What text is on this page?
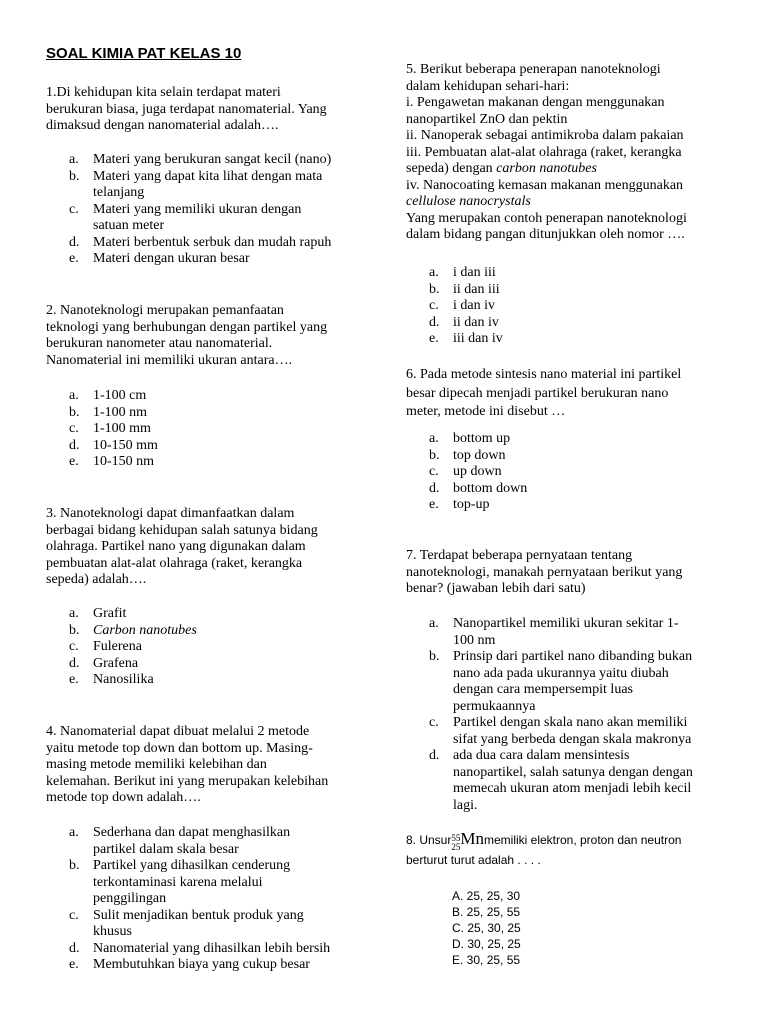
SOAL KIMIA PAT KELAS 10
1.Di kehidupan kita selain terdapat materi
berukuran biasa, juga terdapat nanomaterial. Yang
dimaksud dengan nanomaterial adalah….
a. Materi yang berukuran sangat kecil (nano)
b. Materi yang dapat kita lihat dengan mata
telanjang
c. Materi yang memiliki ukuran dengan
satuan meter
d. Materi berbentuk serbuk dan mudah rapuh
e. Materi dengan ukuran besar
2. Nanoteknologi merupakan pemanfaatan
teknologi yang berhubungan dengan partikel yang
berukuran nanometer atau nanomaterial.
Nanomaterial ini memiliki ukuran antara….
a. 1-100 cm
b. 1-100 nm
c. 1-100 mm
d. 10-150 mm
e. 10-150 nm
3. Nanoteknologi dapat dimanfaatkan dalam
berbagai bidang kehidupan salah satunya bidang
olahraga. Partikel nano yang digunakan dalam
pembuatan alat-alat olahraga (raket, kerangka
sepeda) adalah….
a. Grafit
b. Carbon nanotubes
c. Fulerena
d. Grafena
e. Nanosilika
4. Nanomaterial dapat dibuat melalui 2 metode
yaitu metode top down dan bottom up. Masing-
masing metode memiliki kelebihan dan
kelemahan. Berikut ini yang merupakan kelebihan
metode top down adalah….
a. Sederhana dan dapat menghasilkan
partikel dalam skala besar
b. Partikel yang dihasilkan cenderung
terkontaminasi karena melalui
penggilingan
c. Sulit menjadikan bentuk produk yang
khusus
d. Nanomaterial yang dihasilkan lebih bersih
e. Membutuhkan biaya yang cukup besar
5. Berikut beberapa penerapan nanoteknologi
dalam kehidupan sehari-hari:
i. Pengawetan makanan dengan menggunakan
nanopartikel ZnO dan pektin
ii. Nanoperak sebagai antimikroba dalam pakaian
iii. Pembuatan alat-alat olahraga (raket, kerangka
sepeda) dengan carbon nanotubes
iv. Nanocoating kemasan makanan menggunakan
cellulose nanocrystals
Yang merupakan contoh penerapan nanoteknologi
dalam bidang pangan ditunjukkan oleh nomor ….
a. i dan iii
b. ii dan iii
c. i dan iv
d. ii dan iv
e. iii dan iv
6. Pada metode sintesis nano material ini partikel
besar dipecah menjadi partikel berukuran nano
meter, metode ini disebut …
a. bottom up
b. top down
c. up down
d. bottom down
e. top-up
7. Terdapat beberapa pernyataan tentang
nanoteknologi, manakah pernyataan berikut yang
benar? (jawaban lebih dari satu)
a. Nanopartikel memiliki ukuran sekitar 1-
100 nm
b. Prinsip dari partikel nano dibanding bukan
nano ada pada ukurannya yaitu diubah
dengan cara mempersempit luas
permukaannya
c. Partikel dengan skala nano akan memiliki
sifat yang berbeda dengan skala makronya
d. ada dua cara dalam mensintesis
nanopartikel, salah satunya dengan dengan
memecah ukuran atom menjadi lebih kecil
lagi.
8. Unsur55
25Mnmemiliki elektron, proton dan neutron
berturut turut adalah . . . .
A. 25, 25, 30
B. 25, 25, 55
C. 25, 30, 25
D. 30, 25, 25
E. 30, 25, 55
